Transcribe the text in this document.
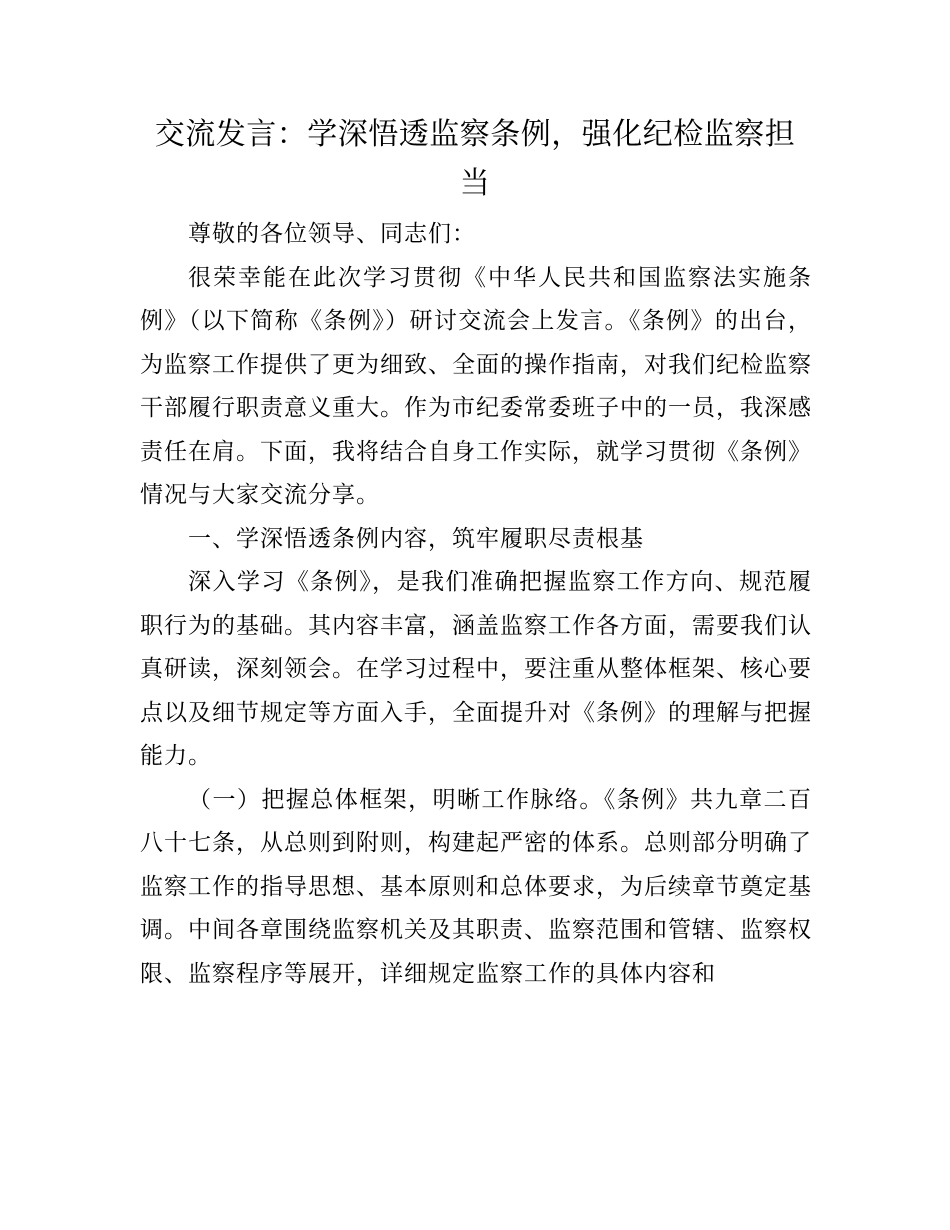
交流发言：学深悟透监察条例，强化纪检监察担当

尊敬的各位领导、同志们：

很荣幸能在此次学习贯彻《中华人民共和国监察法实施条例》（以下简称《条例》）研讨交流会上发言。《条例》的出台，为监察工作提供了更为细致、全面的操作指南，对我们纪检监察干部履行职责意义重大。作为市纪委常委班子中的一员，我深感责任在肩。下面，我将结合自身工作实际，就学习贯彻《条例》情况与大家交流分享。

一、学深悟透条例内容，筑牢履职尽责根基

深入学习《条例》，是我们准确把握监察工作方向、规范履职行为的基础。其内容丰富，涵盖监察工作各方面，需要我们认真研读，深刻领会。在学习过程中，要注重从整体框架、核心要点以及细节规定等方面入手，全面提升对《条例》的理解与把握能力。

（一）把握总体框架，明晰工作脉络。《条例》共九章二百八十七条，从总则到附则，构建起严密的体系。总则部分明确了监察工作的指导思想、基本原则和总体要求，为后续章节奠定基调。中间各章围绕监察机关及其职责、监察范围和管辖、监察权限、监察程序等展开，详细规定监察工作的具体内容和
